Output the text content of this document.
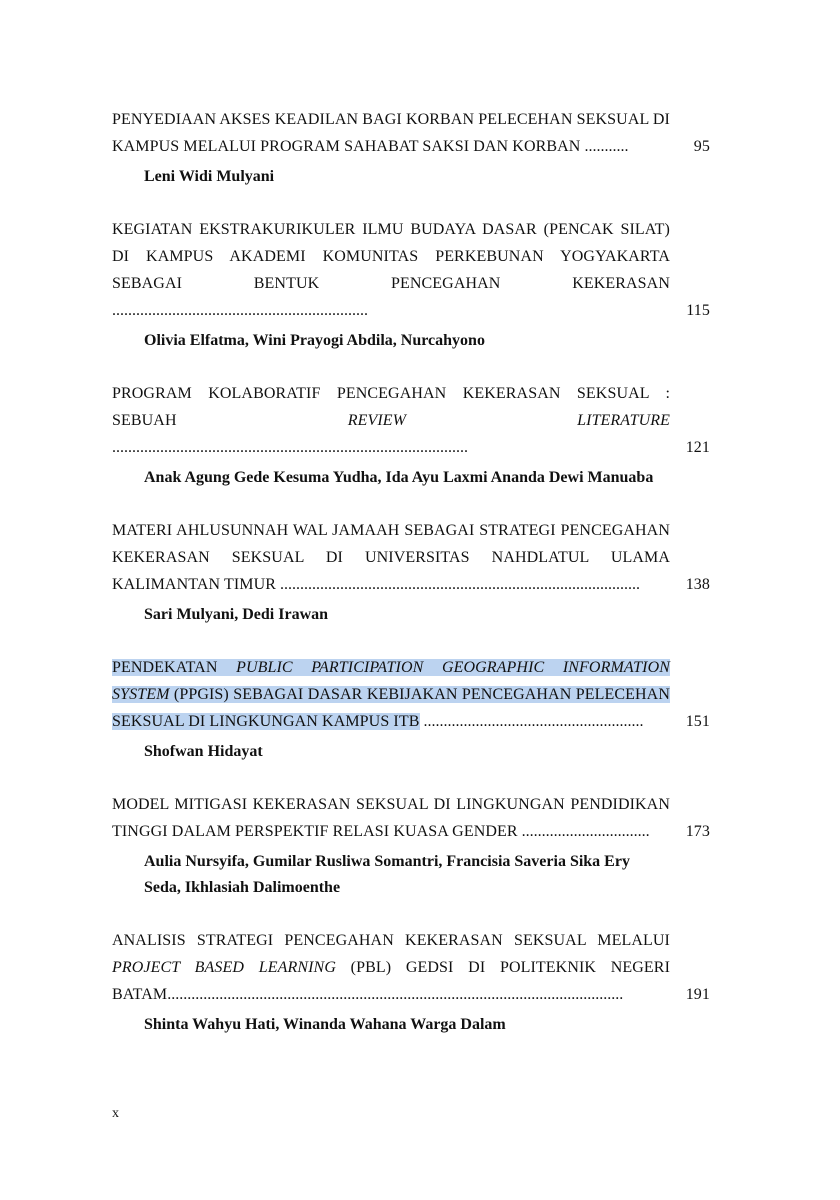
PENYEDIAAN AKSES KEADILAN BAGI KORBAN PELECEHAN SEKSUAL DI KAMPUS MELALUI PROGRAM SAHABAT SAKSI DAN KORBAN ...........	95
Leni Widi Mulyani
KEGIATAN EKSTRAKURIKULER ILMU BUDAYA DASAR (PENCAK SILAT) DI KAMPUS AKADEMI KOMUNITAS PERKEBUNAN YOGYAKARTA SEBAGAI BENTUK PENCEGAHAN KEKERASAN ................................................................	115
Olivia Elfatma, Wini Prayogi Abdila, Nurcahyono
PROGRAM KOLABORATIF PENCEGAHAN KEKERASAN SEKSUAL : SEBUAH REVIEW LITERATURE .........................................................................................	121
Anak Agung Gede Kesuma Yudha, Ida Ayu Laxmi Ananda Dewi Manuaba
MATERI AHLUSUNNAH WAL JAMAAH SEBAGAI STRATEGI PENCEGAHAN KEKERASAN SEKSUAL DI UNIVERSITAS NAHDLATUL ULAMA KALIMANTAN TIMUR ..........................................................................................	138
Sari Mulyani, Dedi Irawan
PENDEKATAN PUBLIC PARTICIPATION GEOGRAPHIC INFORMATION SYSTEM (PPGIS) SEBAGAI DASAR KEBIJAKAN PENCEGAHAN PELECEHAN SEKSUAL DI LINGKUNGAN KAMPUS ITB .......................................................	151
Shofwan Hidayat
MODEL MITIGASI KEKERASAN SEKSUAL DI LINGKUNGAN PENDIDIKAN TINGGI DALAM PERSPEKTIF RELASI KUASA GENDER ................................	173
Aulia Nursyifa, Gumilar Rusliwa Somantri, Francisia Saveria Sika Ery Seda, Ikhlasiah Dalimoenthe
ANALISIS STRATEGI PENCEGAHAN KEKERASAN SEKSUAL MELALUI PROJECT BASED LEARNING (PBL) GEDSI DI POLITEKNIK NEGERI BATAM..................................................................................................................	191
Shinta Wahyu Hati, Winanda Wahana Warga Dalam
x
